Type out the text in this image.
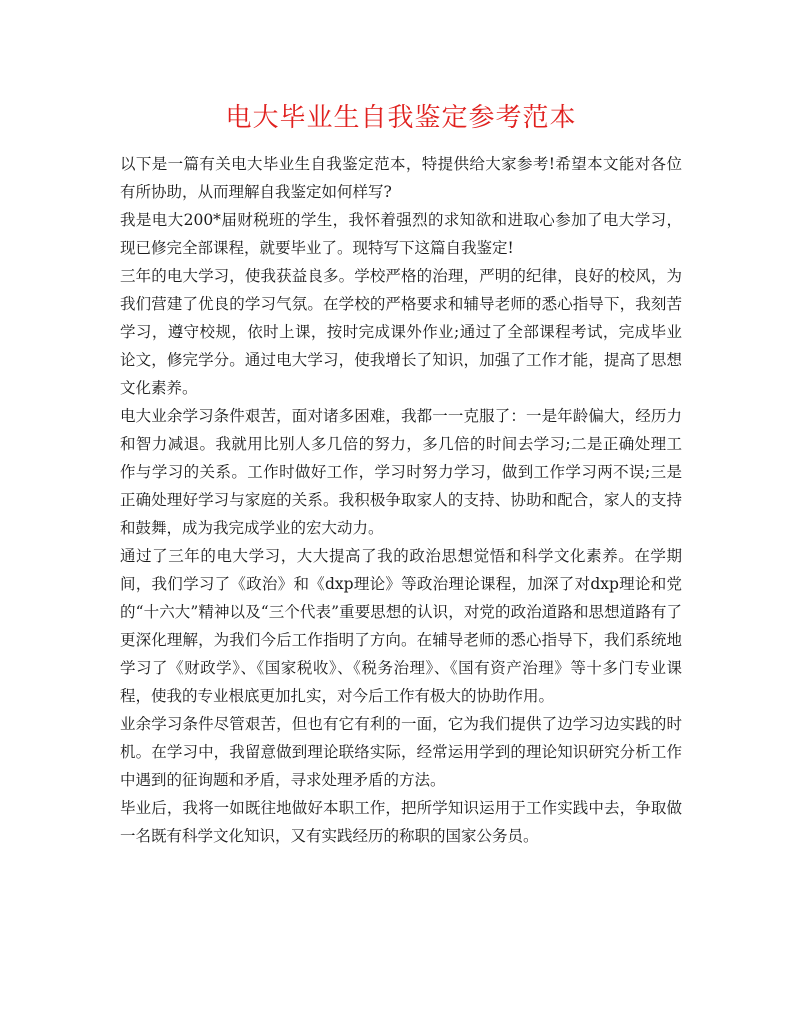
电大毕业生自我鉴定参考范本

以下是一篇有关电大毕业生自我鉴定范本，特提供给大家参考!希望本文能对各位有所协助，从而理解自我鉴定如何样写?

我是电大200*届财税班的学生，我怀着强烈的求知欲和进取心参加了电大学习，现已修完全部课程，就要毕业了。现特写下这篇自我鉴定!

三年的电大学习，使我获益良多。学校严格的治理，严明的纪律，良好的校风，为我们营建了优良的学习气氛。在学校的严格要求和辅导老师的悉心指导下，我刻苦学习，遵守校规，依时上课，按时完成课外作业;通过了全部课程考试，完成毕业论文，修完学分。通过电大学习，使我增长了知识，加强了工作才能，提高了思想文化素养。

电大业余学习条件艰苦，面对诸多困难，我都一一克服了：一是年龄偏大，经历力和智力减退。我就用比别人多几倍的努力，多几倍的时间去学习;二是正确处理工作与学习的关系。工作时做好工作，学习时努力学习，做到工作学习两不误;三是正确处理好学习与家庭的关系。我积极争取家人的支持、协助和配合，家人的支持和鼓舞，成为我完成学业的宏大动力。

通过了三年的电大学习，大大提高了我的政治思想觉悟和科学文化素养。在学期间，我们学习了《政治》和《dxp理论》等政治理论课程，加深了对dxp理论和党的“十六大”精神以及“三个代表”重要思想的认识，对党的政治道路和思想道路有了更深化理解，为我们今后工作指明了方向。在辅导老师的悉心指导下，我们系统地学习了《财政学》、《国家税收》、《税务治理》、《国有资产治理》等十多门专业课程，使我的专业根底更加扎实，对今后工作有极大的协助作用。

业余学习条件尽管艰苦，但也有它有利的一面，它为我们提供了边学习边实践的时机。在学习中，我留意做到理论联络实际，经常运用学到的理论知识研究分析工作中遇到的征询题和矛盾，寻求处理矛盾的方法。

毕业后，我将一如既往地做好本职工作，把所学知识运用于工作实践中去，争取做一名既有科学文化知识，又有实践经历的称职的国家公务员。
